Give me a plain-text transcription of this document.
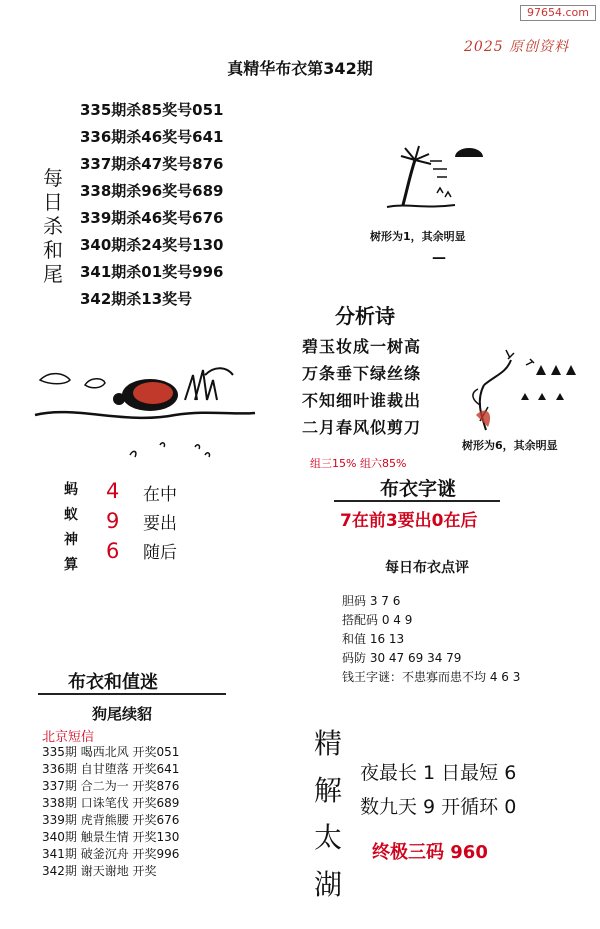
97654.com
2025 原创资料
真精华布衣第342期
每
日
杀
和
尾
335期杀85奖号051
336期杀46奖号641
337期杀47奖号876
338期杀96奖号689
339期杀46奖号676
340期杀24奖号130
341期杀01奖号996
342期杀13奖号
树形为1，其余明显
—
分析诗
碧玉妆成一树高
万条垂下绿丝绦
不知细叶谁裁出
二月春风似剪刀
树形为6，其余明显
组三15% 组六85%
蚂
蚁
神
算
4
9
6
在中
要出
随后
布衣字谜
7在前3要出0在后
每日布衣点评
胆码 3 7 6
搭配码 0 4 9
和值 16 13
码防 30 47 69 34 79
钱王字谜：不患寡而患不均 4 6 3
布衣和值迷
狗尾续貂
北京短信
335期 喝西北风 开奖051
336期 自甘堕落 开奖641
337期 合二为一 开奖876
338期 口诛笔伐 开奖689
339期 虎背熊腰 开奖676
340期 触景生情 开奖130
341期 破釜沉舟 开奖996
342期 谢天谢地 开奖
精
解
太
湖
夜最长 1 日最短 6
数九天 9 开循环 0
终极三码 960
